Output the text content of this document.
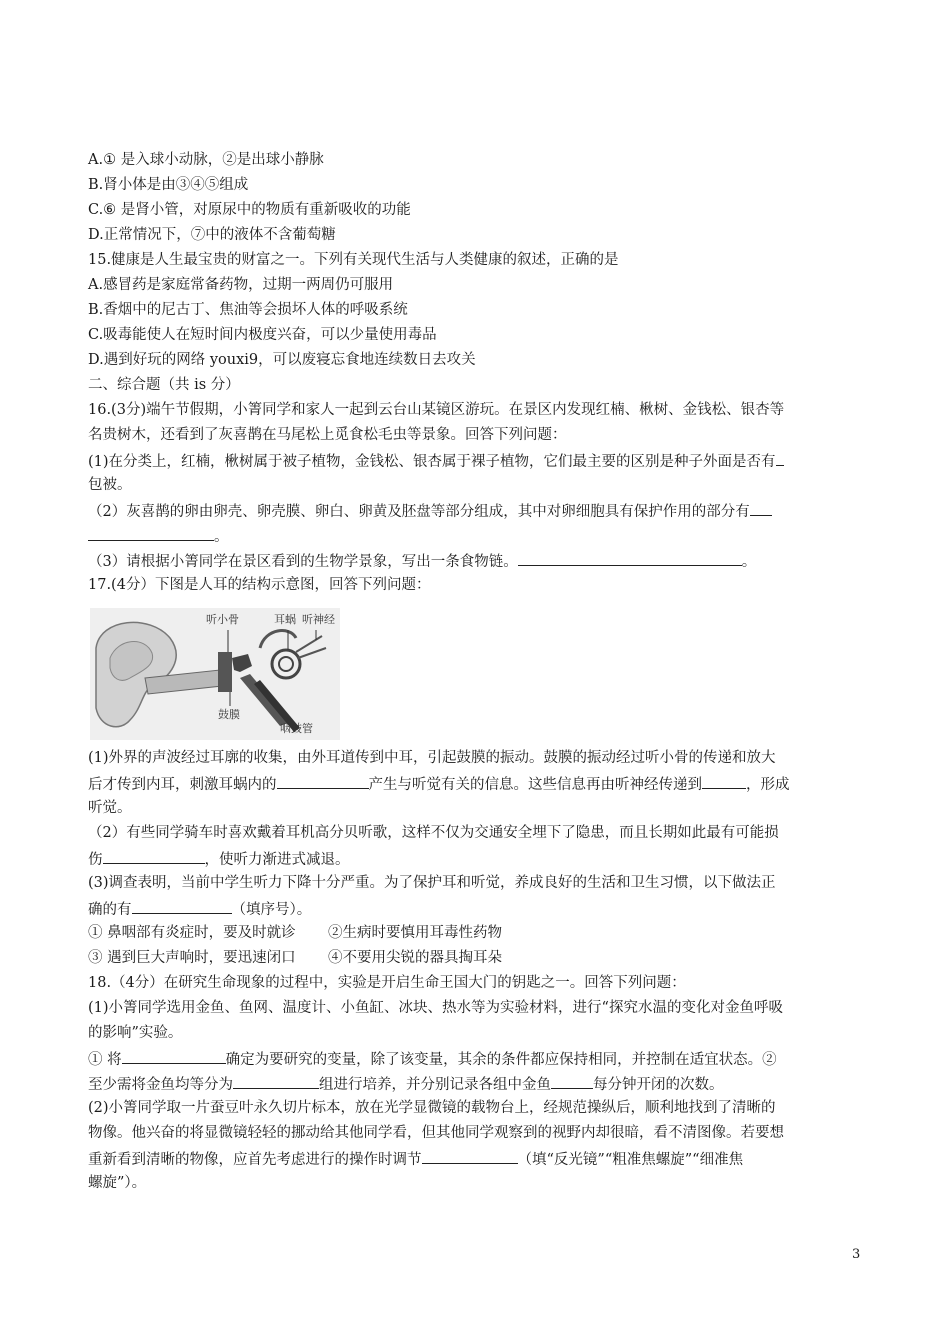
A.① 是入球小动脉，②是出球小静脉
B.肾小体是由③④⑤组成
C.⑥ 是肾小管，对原尿中的物质有重新吸收的功能
D.正常情况下，⑦中的液体不含葡萄糖
15.健康是人生最宝贵的财富之一。下列有关现代生活与人类健康的叙述，正确的是
A.感冒药是家庭常备药物，过期一两周仍可服用
B.香烟中的尼古丁、焦油等会损坏人体的呼吸系统
C.吸毒能使人在短时间内极度兴奋，可以少量使用毒品
D.遇到好玩的网络 youxi9，可以废寝忘食地连续数日去攻关
二、综合题（共 is 分）
16.(3分)端午节假期，小箐同学和家人一起到云台山某镜区游玩。在景区内发现红楠、楸树、金钱松、银杏等
名贵树木，还看到了灰喜鹊在马尾松上觅食松毛虫等景象。回答下列问题：
(1)在分类上，红楠，楸树属于被子植物，金钱松、银杏属于裸子植物，它们最主要的区别是种子外面是否有
包被。
（2）灰喜鹊的卵由卵壳、卵壳膜、卵白、卵黄及胚盘等部分组成，其中对卵细胞具有保护作用的部分有
。
（3）请根据小箐同学在景区看到的生物学景象，写出一条食物链。	。
17.(4分）下图是人耳的结构示意图，回答下列问题：
听小骨	耳蜗 听神经
鼓膜
咽鼓管
(1)外界的声波经过耳廓的收集，由外耳道传到中耳，引起鼓膜的振动。鼓膜的振动经过听小骨的传递和放大
后才传到内耳，刺激耳蜗内的	产生与听觉有关的信息。这些信息再由听神经传递到	，形成
听觉。
（2）有些同学骑车时喜欢戴着耳机高分贝听歌，这样不仅为交通安全埋下了隐患，而且长期如此最有可能损
伤	，使听力渐进式减退。
(3)调查表明，当前中学生听力下降十分严重。为了保护耳和听觉，养成良好的生活和卫生习惯，以下做法正
确的有	（填序号）。
① 鼻咽部有炎症时，要及时就诊 ②生病时要慎用耳毒性药物
③ 遇到巨大声响时，要迅速闭口 ④不要用尖锐的器具掏耳朵
18.（4分）在研究生命现象的过程中，实验是开启生命王国大门的钥匙之一。回答下列问题：
(1)小箐同学选用金鱼、鱼网、温度计、小鱼缸、冰块、热水等为实验材料，进行“探究水温的变化对金鱼呼吸
的影响”实验。
① 将	确定为要研究的变量，除了该变量，其余的条件都应保持相同，并控制在适宜状态。②
至少需将金鱼均等分为	组进行培养，并分别记录各组中金鱼	每分钟开闭的次数。
(2)小箐同学取一片蚕豆叶永久切片标本，放在光学显微镜的载物台上，经规范操纵后，顺利地找到了清晰的
物像。他兴奋的将显微镜轻轻的挪动给其他同学看，但其他同学观察到的视野内却很暗，看不清图像。若要想
重新看到清晰的物像，应首先考虑进行的操作时调节	（填“反光镜”“粗准焦螺旋”“细准焦
螺旋”）。
3
